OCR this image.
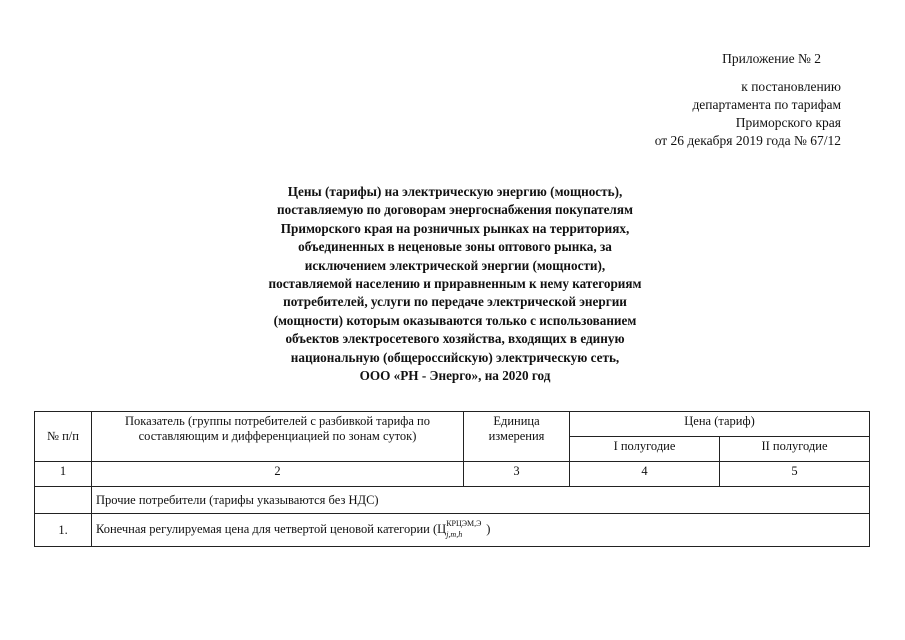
Приложение № 2
к постановлению
департамента по тарифам
Приморского края
от 26 декабря 2019 года № 67/12
Цены (тарифы) на электрическую энергию (мощность),
поставляемую по договорам энергоснабжения покупателям
Приморского края на розничных рынках на территориях,
объединенных в неценовые зоны оптового рынка, за
исключением электрической энергии (мощности),
поставляемой населению и приравненным к нему категориям
потребителей, услуги по передаче электрической энергии
(мощности) которым оказываются только с использованием
объектов электросетевого хозяйства, входящих в единую
национальную (общероссийскую) электрическую сеть,
ООО «РН - Энерго», на 2020 год
№ п/п	Показатель (группы потребителей с разбивкой тарифа по составляющим и дифференциацией по зонам суток)	Единица измерения	Цена (тариф)	
			I полугодие	II полугодие
1	2	3	4	5
	Прочие потребители (тарифы указываются без НДС)			
1.	Конечная регулируемая цена для четвертой ценовой категории (Ц КРЦЭМ,Э
j,m,h )			
